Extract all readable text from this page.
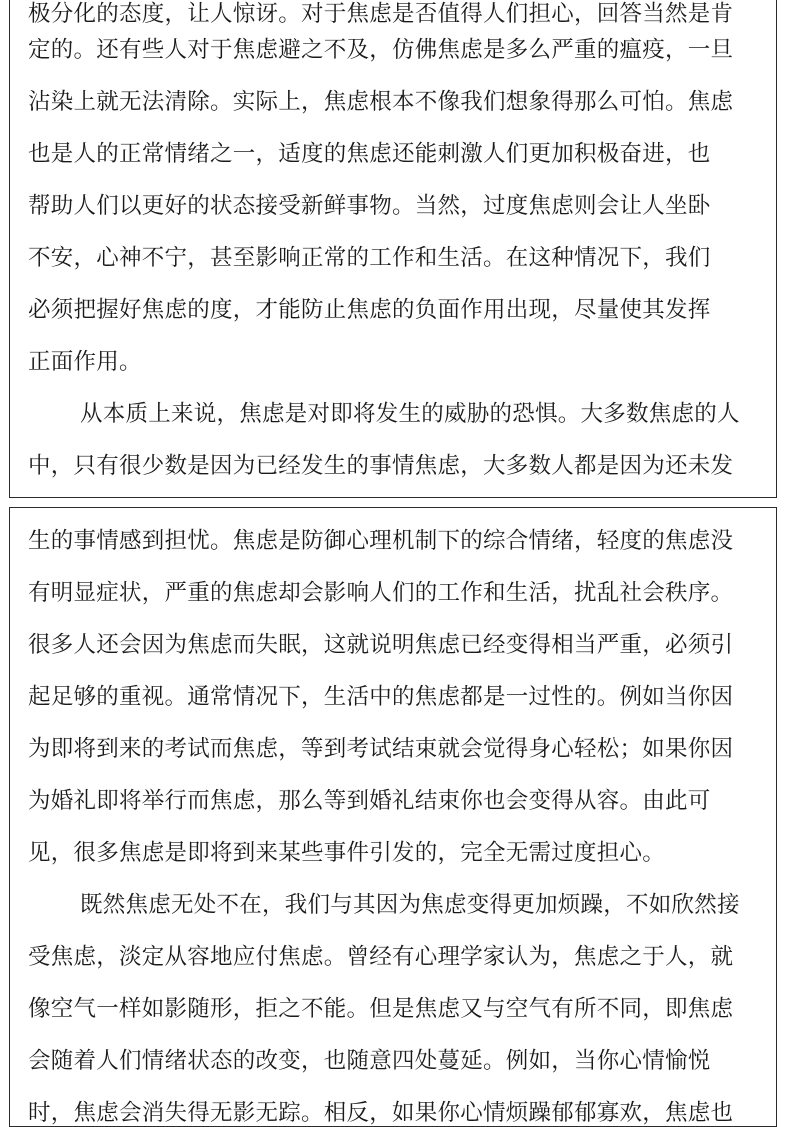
极分化的态度，让人惊讶。对于焦虑是否值得人们担心，回答当然是肯
定的。还有些人对于焦虑避之不及，仿佛焦虑是多么严重的瘟疫，一旦
沾染上就无法清除。实际上，焦虑根本不像我们想象得那么可怕。焦虑
也是人的正常情绪之一，适度的焦虑还能刺激人们更加积极奋进，也
帮助人们以更好的状态接受新鲜事物。当然，过度焦虑则会让人坐卧
不安，心神不宁，甚至影响正常的工作和生活。在这种情况下，我们
必须把握好焦虑的度，才能防止焦虑的负面作用出现，尽量使其发挥
正面作用。
从本质上来说，焦虑是对即将发生的威胁的恐惧。大多数焦虑的人
中，只有很少数是因为已经发生的事情焦虑，大多数人都是因为还未发
生的事情感到担忧。焦虑是防御心理机制下的综合情绪，轻度的焦虑没
有明显症状，严重的焦虑却会影响人们的工作和生活，扰乱社会秩序。
很多人还会因为焦虑而失眠，这就说明焦虑已经变得相当严重，必须引
起足够的重视。通常情况下，生活中的焦虑都是一过性的。例如当你因
为即将到来的考试而焦虑，等到考试结束就会觉得身心轻松；如果你因
为婚礼即将举行而焦虑，那么等到婚礼结束你也会变得从容。由此可
见，很多焦虑是即将到来某些事件引发的，完全无需过度担心。
既然焦虑无处不在，我们与其因为焦虑变得更加烦躁，不如欣然接
受焦虑，淡定从容地应付焦虑。曾经有心理学家认为，焦虑之于人，就
像空气一样如影随形，拒之不能。但是焦虑又与空气有所不同，即焦虑
会随着人们情绪状态的改变，也随意四处蔓延。例如，当你心情愉悦
时，焦虑会消失得无影无踪。相反，如果你心情烦躁郁郁寡欢，焦虑也
